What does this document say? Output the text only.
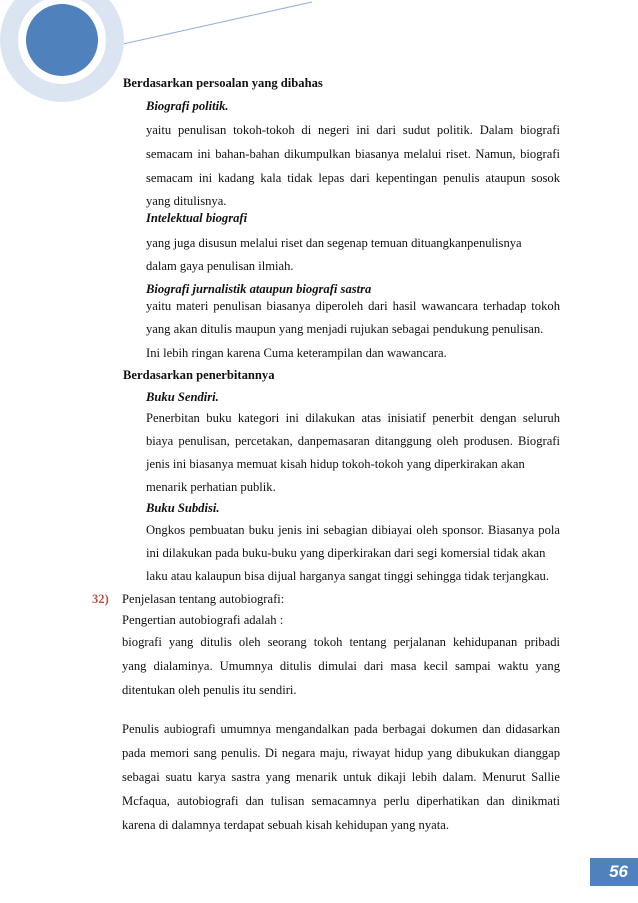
Berdasarkan persoalan yang dibahas
Biografi politik.
yaitu penulisan tokoh-tokoh di negeri ini dari sudut politik. Dalam biografi
semacam ini bahan-bahan dikumpulkan biasanya melalui riset. Namun, biografi
semacam ini kadang kala tidak lepas dari kepentingan penulis ataupun sosok
yang ditulisnya.
Intelektual biografi
yang juga disusun melalui riset dan segenap temuan dituangkanpenulisnya
dalam gaya penulisan ilmiah.
Biografi jurnalistik ataupun biografi sastra
yaitu materi penulisan biasanya diperoleh dari hasil wawancara terhadap tokoh
yang akan ditulis maupun yang menjadi rujukan sebagai pendukung penulisan.
Ini lebih ringan karena Cuma keterampilan dan wawancara.
Berdasarkan penerbitannya
Buku Sendiri.
Penerbitan buku kategori ini dilakukan atas inisiatif penerbit dengan seluruh
biaya penulisan, percetakan, danpemasaran ditanggung oleh produsen. Biografi
jenis ini biasanya memuat kisah hidup tokoh-tokoh yang diperkirakan akan
menarik perhatian publik.
Buku Subdisi.
Ongkos pembuatan buku jenis ini sebagian dibiayai oleh sponsor. Biasanya pola
ini dilakukan pada buku-buku yang diperkirakan dari segi komersial tidak akan
laku atau kalaupun bisa dijual harganya sangat tinggi sehingga tidak terjangkau.
32) Penjelasan tentang autobiografi:
Pengertian autobiografi adalah :
biografi yang ditulis oleh seorang tokoh tentang perjalanan kehidupanan pribadi
yang dialaminya. Umumnya ditulis dimulai dari masa kecil sampai waktu yang
ditentukan oleh penulis itu sendiri.
Penulis aubiografi umumnya mengandalkan pada berbagai dokumen dan didasarkan
pada memori sang penulis. Di negara maju, riwayat hidup yang dibukukan dianggap
sebagai suatu karya sastra yang menarik untuk dikaji lebih dalam. Menurut Sallie
Mcfaqua, autobiografi dan tulisan semacamnya perlu diperhatikan dan dinikmati
karena di dalamnya terdapat sebuah kisah kehidupan yang nyata.
56
